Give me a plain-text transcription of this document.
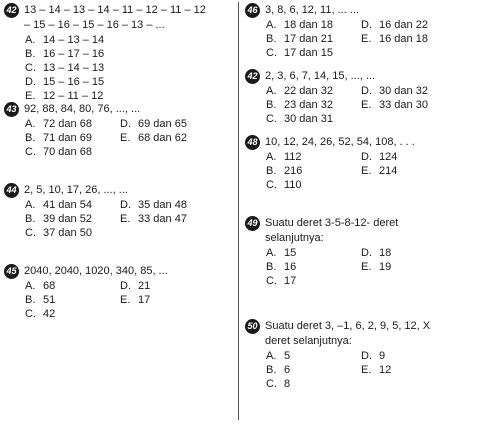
42 13 – 14 – 13 – 14 – 11 – 12 – 11 – 12
– 15 – 16 – 15 – 16 – 13 – ...
A. 14 – 13 – 14
B. 16 – 17 – 16
C. 13 – 14 – 13
D. 15 – 16 – 15
E. 12 – 11 – 12
43 92, 88, 84, 80, 76, ..., ...
A. 72 dan 68	D. 69 dan 65
B. 71 dan 69	E. 68 dan 62
C. 70 dan 68
44 2, 5, 10, 17, 26, ..., ...
A. 41 dan 54	D. 35 dan 48
B. 39 dan 52	E. 33 dan 47
C. 37 dan 50
45 2040, 2040, 1020, 340, 85, ...
A. 68	D. 21
B. 51	E. 17
C. 42
46 3, 8, 6, 12, 11, ... ...
A. 18 dan 18	D. 16 dan 22
B. 17 dan 21	E. 16 dan 18
C. 17 dan 15
42 2, 3, 6, 7, 14, 15, ..., ...
A. 22 dan 32	D. 30 dan 32
B. 23 dan 32	E. 33 dan 30
C. 30 dan 31
48 10, 12, 24, 26, 52, 54, 108, . . .
A. 112	D. 124
B. 216	E. 214
C. 110
49 Suatu deret 3-5-8-12- deret
selanjutnya:
A. 15	D. 18
B. 16	E. 19
C. 17
50 Suatu deret 3, –1, 6, 2, 9, 5, 12, X
deret selanjutnya:
A. 5	D. 9
B. 6	E. 12
C. 8
